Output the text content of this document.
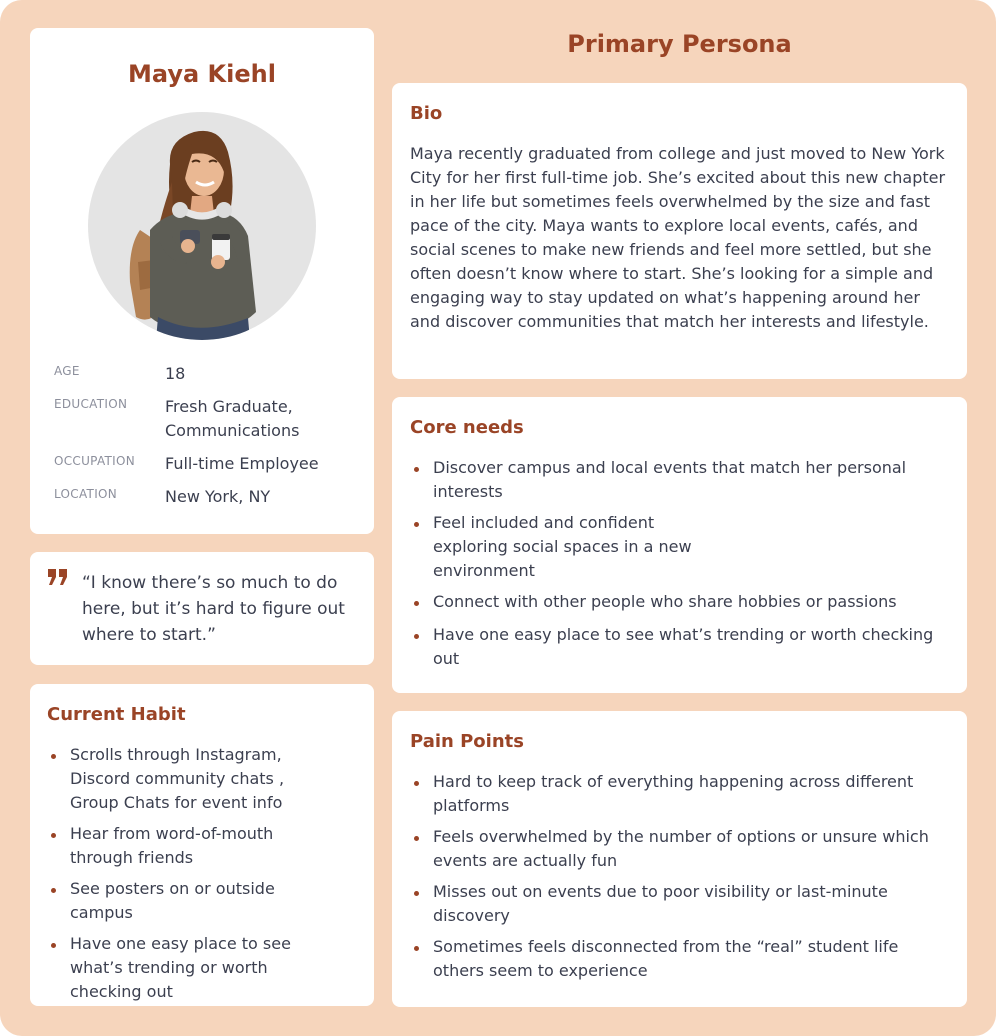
Maya Kiehl
AGE	18
EDUCATION Fresh Graduate, Communications
OCCUPATION Full-time Employee
LOCATION	New York, NY
“I know there’s so much to do here, but it’s hard to figure out where to start.”
Current Habit
Scrolls through Instagram, Discord community chats , Group Chats for event info
Hear from word-of-mouth through friends
See posters on or outside campus
Have one easy place to see what’s trending or worth checking out
Primary Persona
Bio

Maya recently graduated from college and just moved to New York City for her first full-time job. She’s excited about this new chapter in her life but sometimes feels overwhelmed by the size and fast pace of the city. Maya wants to explore local events, cafés, and social scenes to make new friends and feel more settled, but she often doesn’t know where to start. She’s looking for a simple and engaging way to stay updated on what’s happening around her and discover communities that match her interests and lifestyle.

Core needs
Discover campus and local events that match her personal interests
Feel included and confident exploring social spaces in a new environment
Connect with other people who share hobbies or passions
Have one easy place to see what’s trending or worth checking out
Pain Points
Hard to keep track of everything happening across different platforms
Feels overwhelmed by the number of options or unsure which events are actually fun
Misses out on events due to poor visibility or last-minute discovery
Sometimes feels disconnected from the “real” student life others seem to experience
